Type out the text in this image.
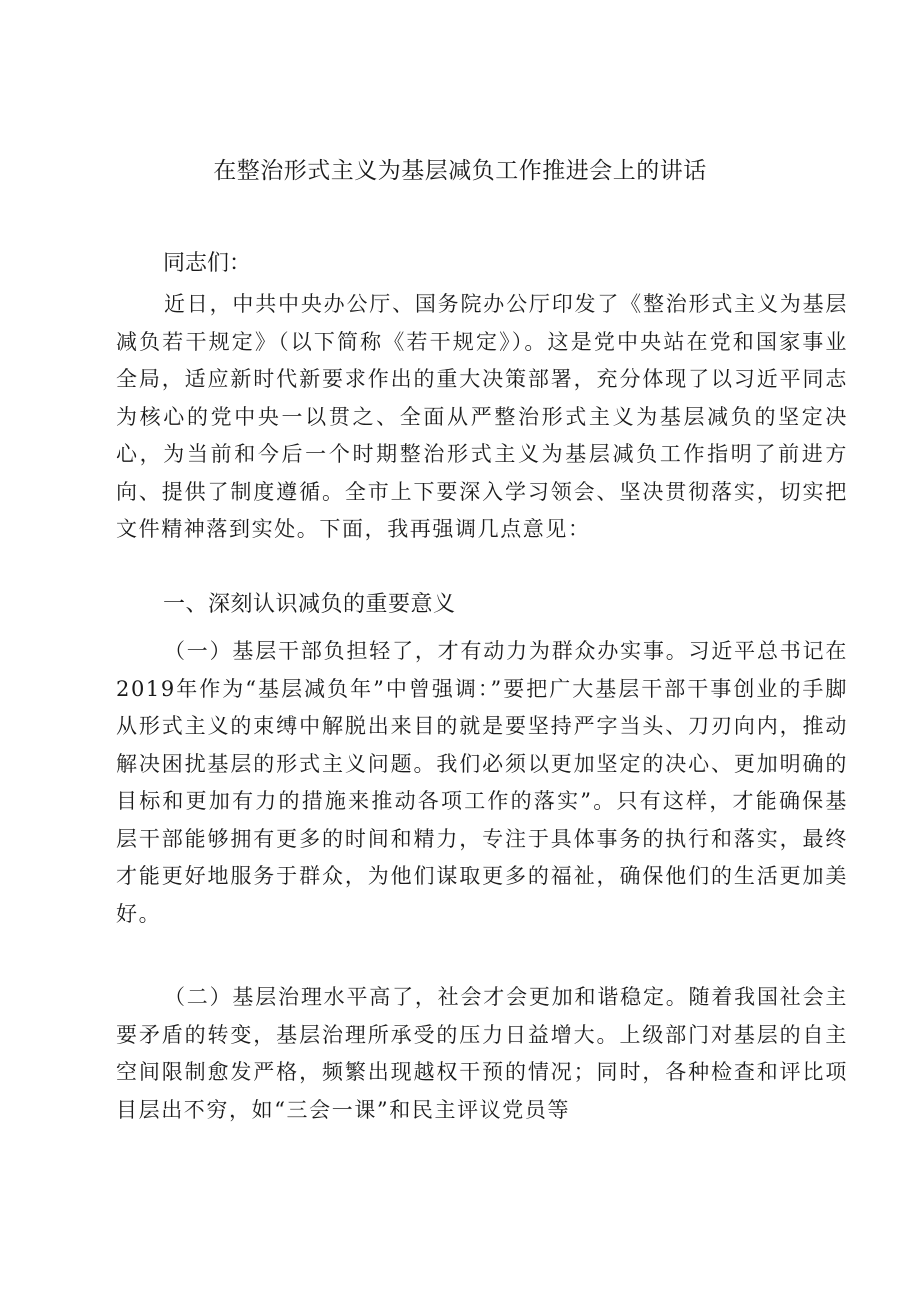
在整治形式主义为基层减负工作推进会上的讲话
同志们：

近日，中共中央办公厅、国务院办公厅印发了《整治形式主义为基层减负若干规定》（以下简称《若干规定》）。这是党中央站在党和国家事业全局，适应新时代新要求作出的重大决策部署，充分体现了以习近平同志为核心的党中央一以贯之、全面从严整治形式主义为基层减负的坚定决心，为当前和今后一个时期整治形式主义为基层减负工作指明了前进方向、提供了制度遵循。全市上下要深入学习领会、坚决贯彻落实，切实把文件精神落到实处。下面，我再强调几点意见：

一、深刻认识减负的重要意义

（一）基层干部负担轻了，才有动力为群众办实事。习近平总书记在2019年作为“基层减负年”中曾强调：”要把广大基层干部干事创业的手脚从形式主义的束缚中解脱出来目的就是要坚持严字当头、刀刃向内，推动解决困扰基层的形式主义问题。我们必须以更加坚定的决心、更加明确的目标和更加有力的措施来推动各项工作的落实”。只有这样，才能确保基层干部能够拥有更多的时间和精力，专注于具体事务的执行和落实，最终才能更好地服务于群众，为他们谋取更多的福祉，确保他们的生活更加美好。

（二）基层治理水平高了，社会才会更加和谐稳定。随着我国社会主要矛盾的转变，基层治理所承受的压力日益增大。上级部门对基层的自主空间限制愈发严格，频繁出现越权干预的情况；同时，各种检查和评比项目层出不穷，如“三会一课”和民主评议党员等
